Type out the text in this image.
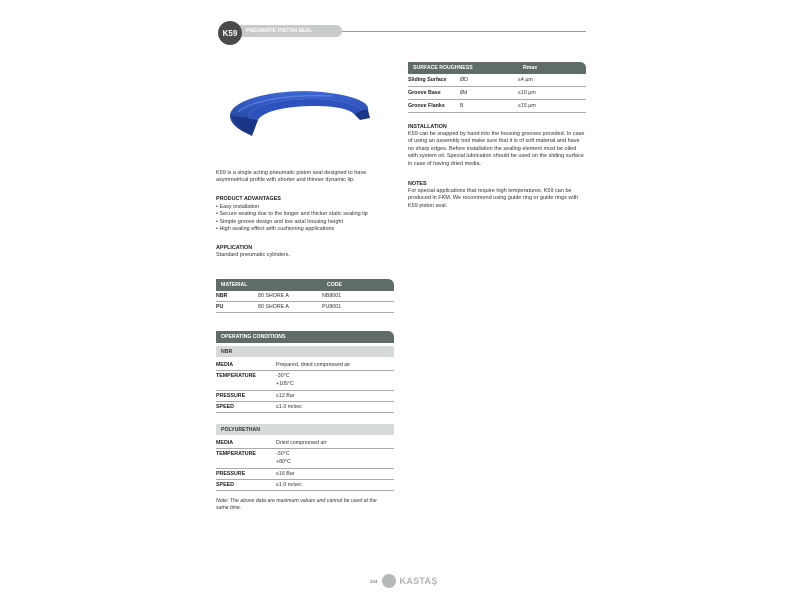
PNEUMATIC PISTON SEAL
K59
K59 is a single acting pneumatic piston seal designed to have asymmetrical profile with shorter and thinner dynamic lip.
PRODUCT ADVANTAGES
• Easy installation
• Secure seating due to the longer and thicker static sealing lip
• Simple groove design and low axial housing height
• High sealing effect with cushioning applications
APPLICATION
Standard pneumatic cylinders.
MATERIAL	CODE
NBR	80 SHORE A	NB8001
PU	80 SHORE A	PU8001
OPERATING CONDITIONS
NBR
MEDIA	Prepared, dried compressed air
TEMPERATURE	-30°C
+105°C
PRESSURE	≤12 Bar
SPEED	≤1.0 m/sec
POLYURETHAN
MEDIA	Dried compressed air
TEMPERATURE	-30°C
+80°C
PRESSURE	≤16 Bar
SPEED	≤1.0 m/sec
Note: The above data are maximum values and cannot be used at the same time.
SURFACE ROUGHNESS	Rmax
Sliding Surface	ØD	≤4 µm
Groove Base	Ød	≤10 µm
Groove Flanks	B	≤15 µm
INSTALLATION
K59 can be snapped by hand into the housing grooves provided. In case of using an assembly tool make sure that it is of soft material and have no sharp edges. Before installation the sealing element must be oiled with system oil. Special lubrication should be used on the sliding surface in case of having dried media.
NOTES
For special applications that require high temperatures, K59 can be produced in FKM. We recommend using guide ring or guide rings with K59 piston seal.
244 KASTAŞ
